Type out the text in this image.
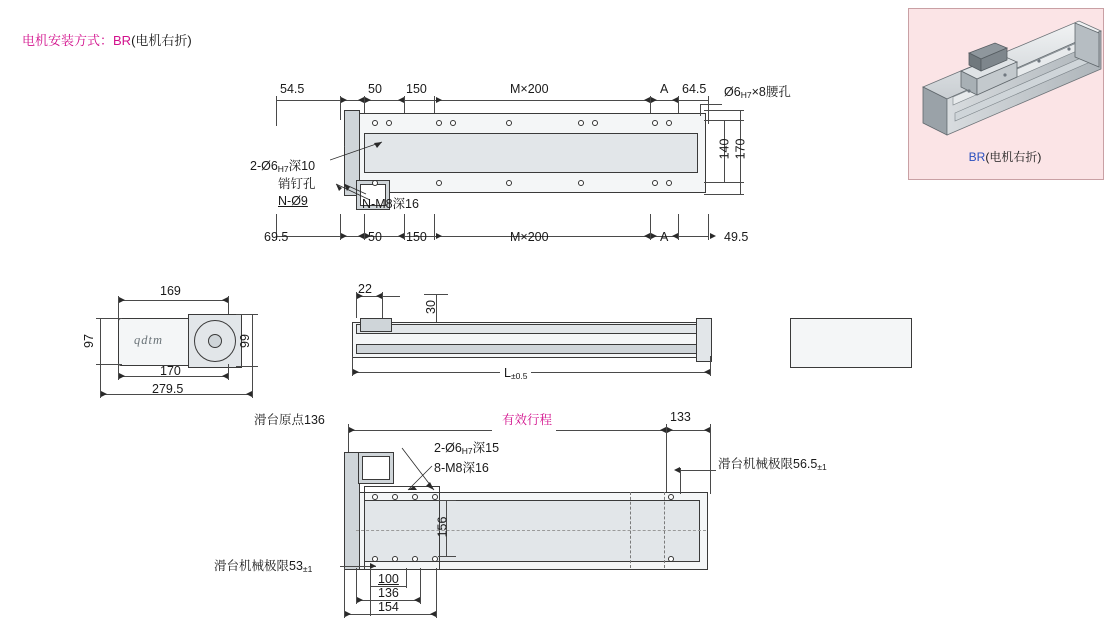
电机安装方式：BR(电机右折)
BR(电机右折)
54.5	50 150	M×200	A 64.5 $Ø6_{H7}\times 8$腰孔
140 170
$2-Ø6_{H7}$深10
销钉孔
N-Ø9	N-M8深16
69.5	50 150	M×200	A	49.5
169
qdtm
97	99
170
279.5
22
30
$L_{\pm 0.5}$
滑台原点136	有效行程	133
$2-Ø6_{H7}$深15
8-M8深16	滑台机械极限$56.5_{\pm 1}$
滑台机械极限$53_{\pm 1}$
156
100
136
154
